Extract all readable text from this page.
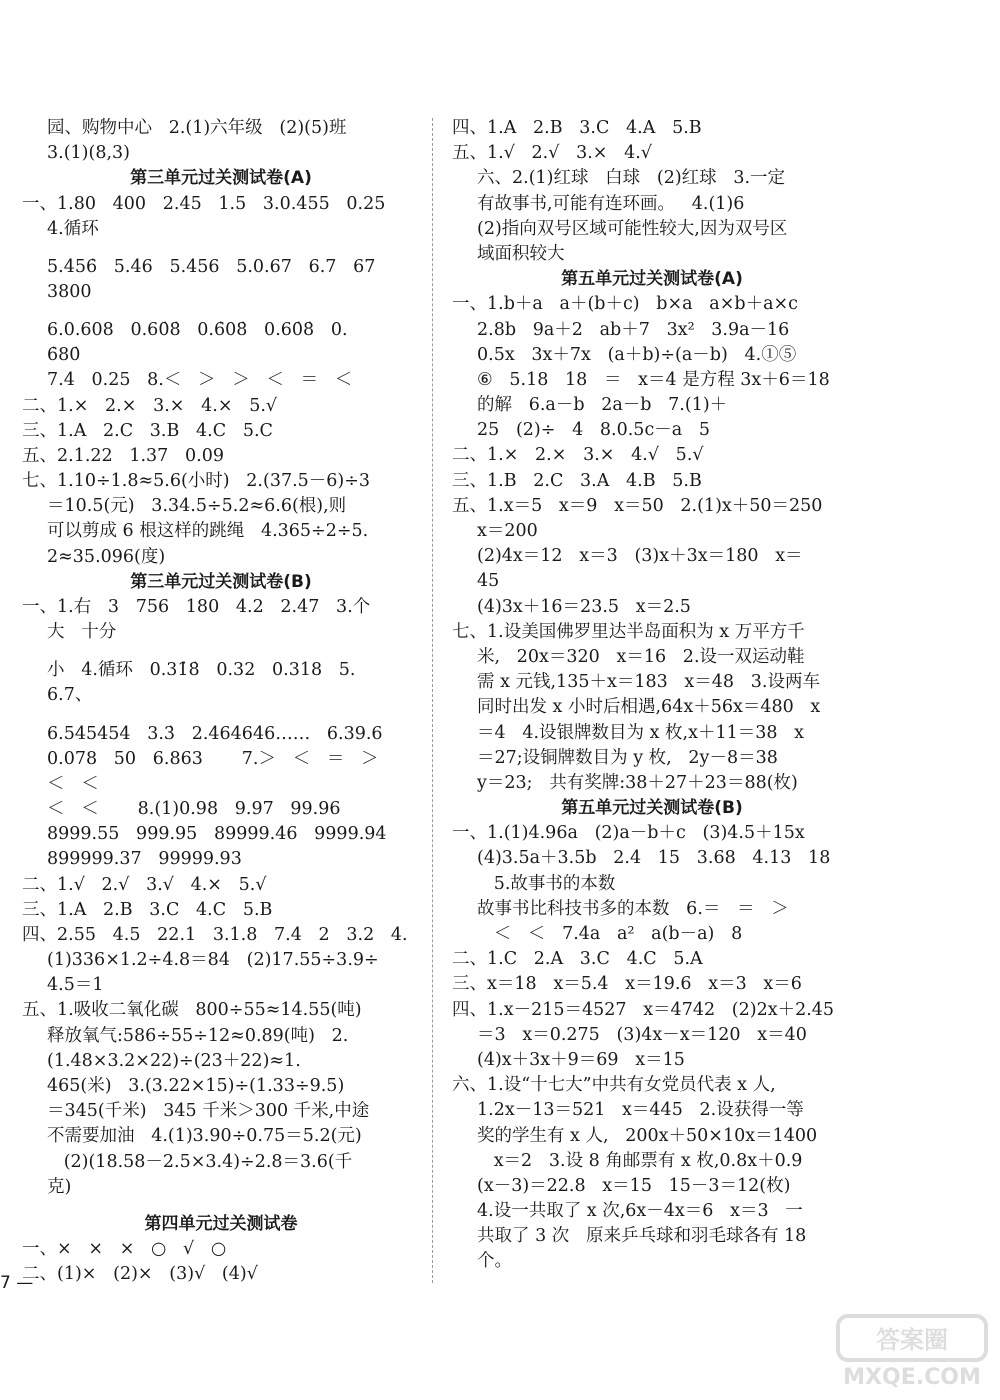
园、购物中心   2.(1)六年级   (2)(5)班
3.(1)(8,3)
第三单元过关测试卷(A)
一、1.80   400   2.45   1.5   3.0.455   0.25
4.循环
5.4̇56̇   5.46   5.456   5.0.67   6.7   67
3800
6.0.608   0.60̇8̇   0.6̇08̇   0.60̇8̇   0.
6̇80̇
7.4   0.25   8.＜   ＞   ＞   ＜   ＝   ＜
二、1.×   2.×   3.×   4.×   5.√
三、1.A   2.C   3.B   4.C   5.C
五、2.1.22   1.37   0.09
七、1.10÷1.8≈5.6(小时)   2.(37.5－6)÷3
＝10.5(元)   3.34.5÷5.2≈6.6(根),则
可以剪成 6 根这样的跳绳   4.365÷2÷5.
2≈35.096(度)
第三单元过关测试卷(B)
一、1.右   3   756   180   4.2   2.47   3.个
大   十分
小   4.循环   0.31̇8̇   0.32   0.318   5.
6.7、
6.545454   3.3̇   2.464646……   6.39.6
0.078   50   6.863       7.＞   ＜   ＝   ＞
＜   ＜
＜   ＜       8.(1)0.98   9.97   99.96
8999.55   999.95   89999.46   9999.94
899999.37   99999.93
二、1.√   2.√   3.√   4.×   5.√
三、1.A   2.B   3.C   4.C   5.B
四、2.55   4.5   22.1   3.1.8   7.4   2   3.2   4.
(1)336×1.2÷4.8＝84   (2)17.55÷3.9÷
4.5＝1
五、1.吸收二氧化碳   800÷55≈14.55(吨)
释放氧气:586÷55÷12≈0.89(吨)   2.
(1.48×3.2×22)÷(23＋22)≈1.
465(米)   3.(3.22×15)÷(1.33÷9.5)
＝345(千米)   345 千米＞300 千米,中途
不需要加油   4.(1)3.90÷0.75＝5.2(元)
(2)(18.58－2.5×3.4)÷2.8＝3.6(千
克)
第四单元过关测试卷
一、×   ×   ×   ○   √   ○
二、(1)×   (2)×   (3)√   (4)√
四、1.A   2.B   3.C   4.A   5.B
五、1.√   2.√   3.×   4.√
六、2.(1)红球   白球   (2)红球   3.一定
有故事书,可能有连环画。   4.(1)6
(2)指向双号区域可能性较大,因为双号区
域面积较大
第五单元过关测试卷(A)
一、1.b＋a   a＋(b＋c)   b×a   a×b＋a×c
2.8b   9a＋2   ab＋7   3x²   3.9a－16
0.5x   3x＋7x   (a＋b)÷(a－b)   4.①⑤
⑥   5.18   18   ＝   x＝4 是方程 3x＋6＝18
的解   6.a－b   2a－b   7.(1)＋
25   (2)÷   4   8.0.5c－a   5
二、1.×   2.×   3.×   4.√   5.√
三、1.B   2.C   3.A   4.B   5.B
五、1.x＝5   x＝9   x＝50   2.(1)x＋50＝250
x＝200
(2)4x＝12   x＝3   (3)x＋3x＝180   x＝
45
(4)3x＋16＝23.5   x＝2.5
七、1.设美国佛罗里达半岛面积为 x 万平方千
米,   20x＝320   x＝16   2.设一双运动鞋
需 x 元钱,135＋x＝183   x＝48   3.设两车
同时出发 x 小时后相遇,64x＋56x＝480   x
＝4   4.设银牌数目为 x 枚,x＋11＝38   x
＝27;设铜牌数目为 y 枚,   2y－8＝38
y＝23;   共有奖牌:38＋27＋23＝88(枚)
第五单元过关测试卷(B)
一、1.(1)4.96a   (2)a－b＋c   (3)4.5＋15x
(4)3.5a＋3.5b   2.4   15   3.68   4.13   18
5.故事书的本数
故事书比科技书多的本数   6.＝   ＝   ＞
＜   ＜   7.4a   a²   a(b－a)   8
二、1.C   2.A   3.C   4.C   5.A
三、x＝18   x＝5.4   x＝19.6   x＝3   x＝6
四、1.x－215＝4527   x＝4742   (2)2x＋2.45
＝3   x＝0.275   (3)4x－x＝120   x＝40
(4)x＋3x＋9＝69   x＝15
六、1.设“十七大”中共有女党员代表 x 人,
1.2x－13＝521   x＝445   2.设获得一等
奖的学生有 x 人,   200x＋50×10x＝1400
x＝2   3.设 8 角邮票有 x 枚,0.8x＋0.9
(x－3)＝22.8   x＝15   15－3＝12(枚)
4.设一共取了 x 次,6x－4x＝6   x＝3   一
共取了 3 次   原来乒乓球和羽毛球各有 18
个。
7 —
答案圈
MXQE.COM
